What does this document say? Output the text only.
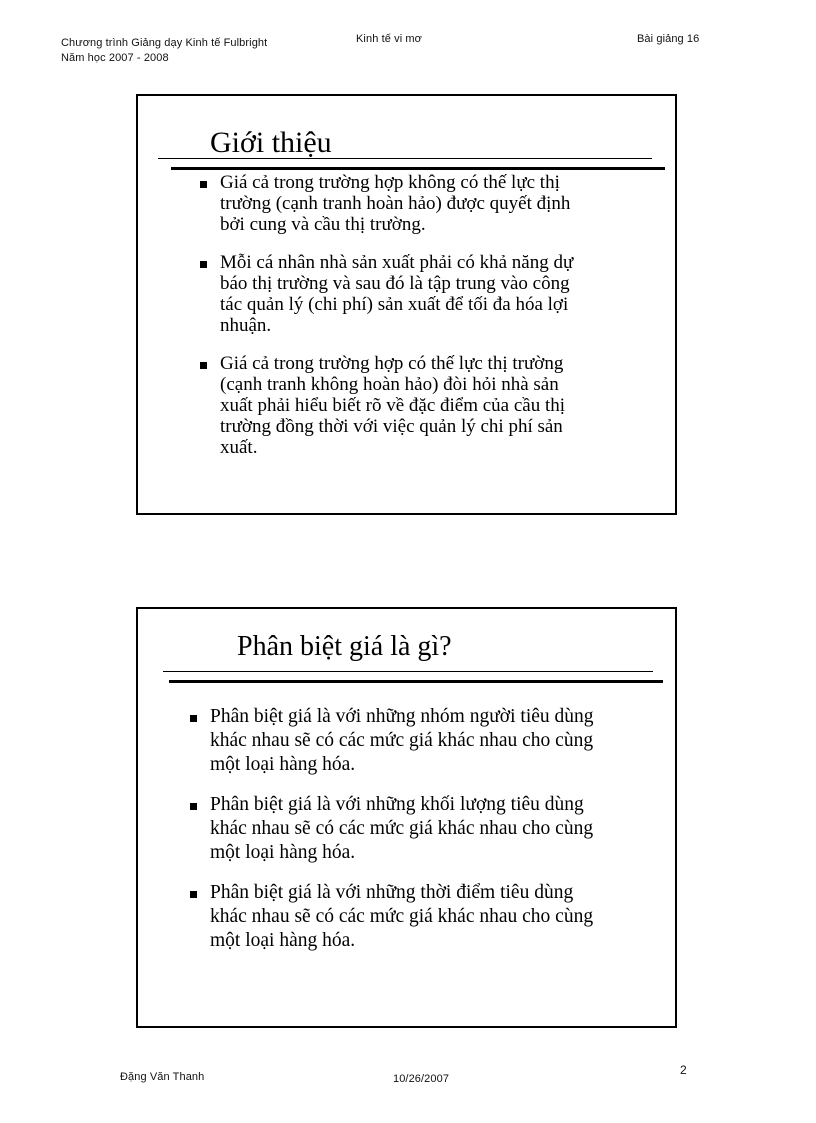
Chương trình Giảng dạy Kinh tế Fulbright
Năm học 2007 - 2008
Kinh tế vi mơ	Bài giảng 16
Giới thiệu
Giá cả trong trường hợp không có thế lực thị
trường (cạnh tranh hoàn hảo) được quyết định
bởi cung và cầu thị trường.
Mỗi cá nhân nhà sản xuất phải có khả năng dự
báo thị trường và sau đó là tập trung vào công
tác quản lý (chi phí) sản xuất để tối đa hóa lợi
nhuận.
Giá cả trong trường hợp có thế lực thị trường
(cạnh tranh không hoàn hảo) đòi hỏi nhà sản
xuất phải hiểu biết rõ về đặc điểm của cầu thị
trường đồng thời với việc quản lý chi phí sản
xuất.
Phân biệt giá là gì?
Phân biệt giá là với những nhóm người tiêu dùng
khác nhau sẽ có các mức giá khác nhau cho cùng
một loại hàng hóa.
Phân biệt giá là với những khối lượng tiêu dùng
khác nhau sẽ có các mức giá khác nhau cho cùng
một loại hàng hóa.
Phân biệt giá là với những thời điểm tiêu dùng
khác nhau sẽ có các mức giá khác nhau cho cùng
một loại hàng hóa.
Đặng Văn Thanh	10/26/2007
2
